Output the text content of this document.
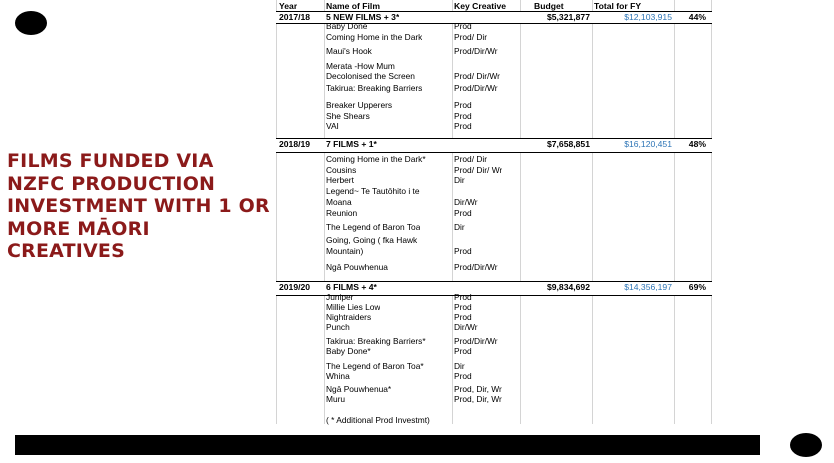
FILMS FUNDED VIA
NZFC PRODUCTION
INVESTMENT WITH 1 OR
MORE MĀORI
CREATIVES
Year	Name of Film	Key Creative	Budget	Total for FY
2017/18 5 NEW FILMS + 3*	$5,321,877	$12,103,915	44%
Baby Done	Prod
Coming Home in the Dark	Prod/ Dir
Maui's Hook	Prod/Dir/Wr
Merata -How Mum
Decolonised the Screen	Prod/ Dir/Wr
Takirua: Breaking Barriers	Prod/Dir/Wr
Breaker Upperers	Prod
She Shears	Prod
VAI	Prod
2018/19 7 FILMS + 1*	$7,658,851	$16,120,451	48%
Coming Home in the Dark*	Prod/ Dir
Cousins	Prod/ Dir/ Wr
Herbert	Dir
Legend~ Te Tautōhito i te
Moana	Dir/Wr
Reunion	Prod
The Legend of Baron Toa	Dir
Going, Going ( fka Hawk
Mountain)	Prod
Ngā Pouwhenua	Prod/Dir/Wr
2019/20 6 FILMS + 4*	$9,834,692	$14,356,197	69%
Juniper	Prod
Millie Lies Low	Prod
Nightraiders	Prod
Punch	Dir/Wr
Takirua: Breaking Barriers*	Prod/Dir/Wr
Baby Done*	Prod
The Legend of Baron Toa*	Dir
Whina	Prod
Ngā Pouwhenua*	Prod, Dir, Wr
Muru	Prod, Dir, Wr
( * Additional Prod Investmt)
